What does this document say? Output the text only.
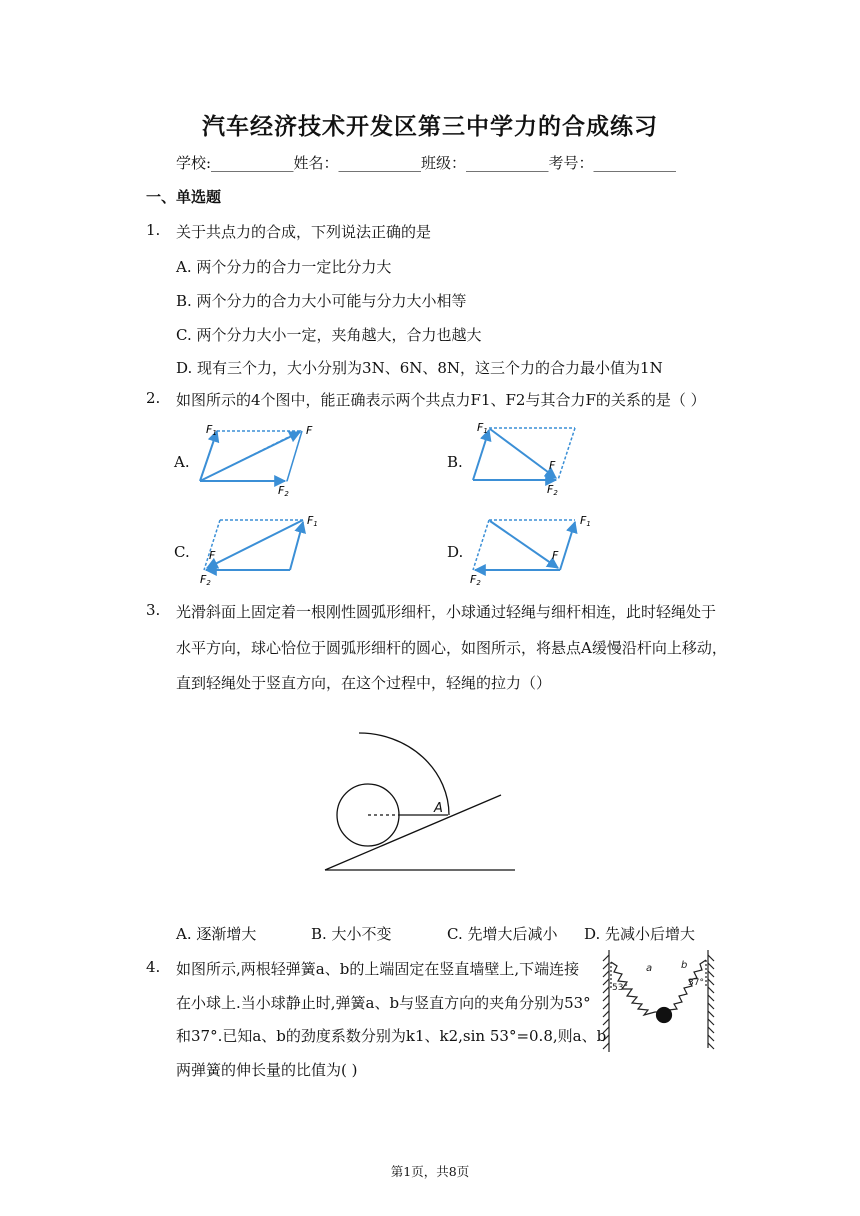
汽车经济技术开发区第三中学力的合成练习
学校:___________姓名：___________班级：___________考号：___________
一、单选题
1. 关于共点力的合成，下列说法正确的是
A. 两个分力的合力一定比分力大
B. 两个分力的合力大小可能与分力大小相等
C. 两个分力大小一定，夹角越大，合力也越大
D. 现有三个力，大小分别为3N、6N、8N，这三个力的合力最小值为1N
2. 如图所示的4个图中，能正确表示两个共点力F1、F2与其合力F的关系的是（ ）
A.	B.
C.	D.
F1	F
F2
F1
F
F2
F1
F
F2
F1
F
F2
A
a	b
53°	37°
3. 光滑斜面上固定着一根刚性圆弧形细杆，小球通过轻绳与细杆相连，此时轻绳处于
水平方向，球心恰位于圆弧形细杆的圆心，如图所示，将悬点A缓慢沿杆向上移动，
直到轻绳处于竖直方向，在这个过程中，轻绳的拉力（）
A. 逐渐增大	B. 大小不变	C. 先增大后减小 D. 先减小后增大
4. 如图所示,两根轻弹簧a、b的上端固定在竖直墙壁上,下端连接
在小球上.当小球静止时,弹簧a、b与竖直方向的夹角分别为53°
和37°.已知a、b的劲度系数分别为k1、k2,sin 53°=0.8,则a、b
两弹簧的伸长量的比值为( )
第1页，共8页
